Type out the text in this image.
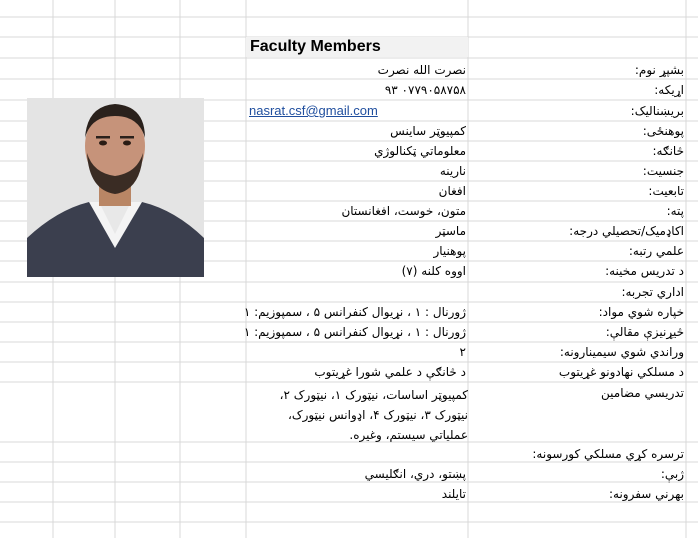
Faculty Members
بشپړ نوم:
نصرت الله نصرت
اړیکه:
۰۷۷۹۰۵۸۷۵۸ ۹۳
بریښنالیک:
nasrat.csf@gmail.com
پوهنځی:
کمپیوټر ساینس
څانګه:
معلوماتي ټکنالوژي
جنسیت:
نارینه
تابعیت:
افغان
پته:
متون، خوست، افغانستان
اکاډمیک/تحصیلي درجه:
ماسټر
علمي رتبه:
پوهنیار
د تدریس مخینه:
اووه کلنه (۷)
اداري تجربه:
خپاره شوي مواد:
ژورنال : ۱ ، نړیوال کنفرانس ۵ ، سمپوزیم: ۱
څیړنیزې مقالې:
ژورنال : ۱ ، نړیوال کنفرانس ۵ ، سمپوزیم: ۱
وراندي شوي سیمینارونه:
۲
د مسلکي نهادونو غړیتوب
د څانګې د علمي شورا غړیتوب
تدریسي مضامین
کمپیوټر اساسات، نیټورک ۱، نیټورک ۲، نیټورک ۳، نیټورک ۴، اډوانس نیټورک، عملیاتي سیستم، وغیره.
ترسره کړي مسلکي کورسونه:
ژبې:
پښتو، دري، انګلیسي
بهرني سفرونه:
تایلند
